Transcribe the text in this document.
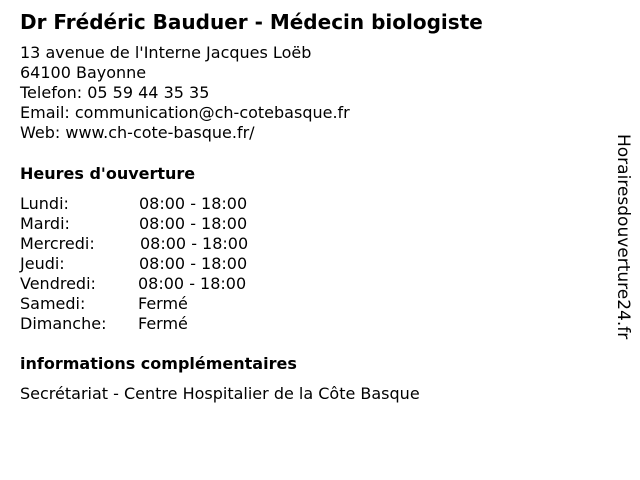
Dr Frédéric Bauduer - Médecin biologiste
13 avenue de l'Interne Jacques Loëb
64100 Bayonne
Telefon: 05 59 44 35 35
Email: communication@ch-cotebasque.fr
Web: www.ch-cote-basque.fr/
Heures d'ouverture
Lundi:	08:00 - 18:00
Mardi:	08:00 - 18:00
Mercredi:	08:00 - 18:00
Jeudi:	08:00 - 18:00
Vendredi:	08:00 - 18:00
Samedi:	Fermé
Dimanche: Fermé
informations complémentaires
Secrétariat - Centre Hospitalier de la Côte Basque
Horairesdouverture24.fr
